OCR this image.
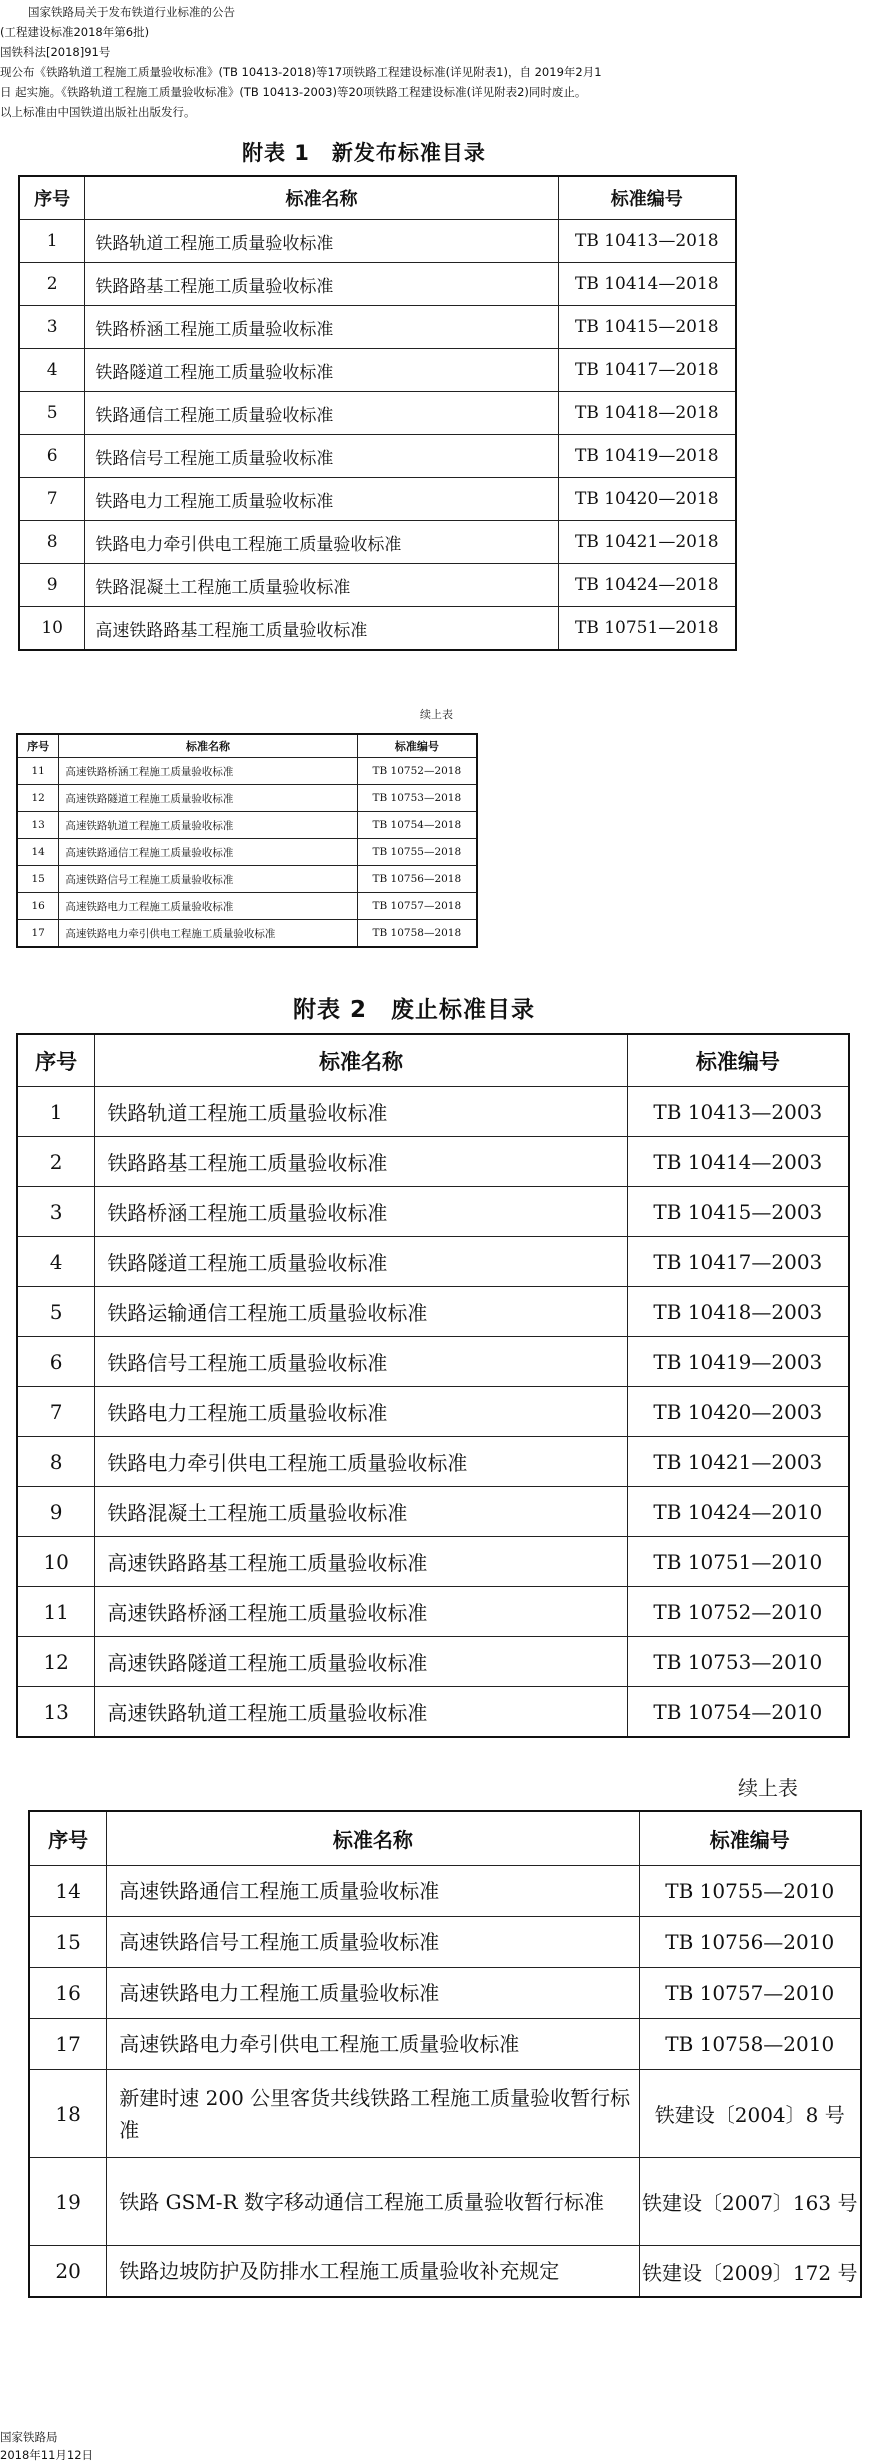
国家铁路局关于发布铁道行业标准的公告
(工程建设标准2018年第6批)
国铁科法[2018]91号
现公布《铁路轨道工程施工质量验收标准》(TB 10413-2018)等17项铁路工程建设标准(详见附表1)，自 2019年2月1
日 起实施。《铁路轨道工程施工质量验收标准》(TB 10413-2003)等20项铁路工程建设标准(详见附表2)同时废止。
以上标准由中国铁道出版社出版发行。
附表 1　新发布标准目录
序号	标准名称	标准编号
1	铁路轨道工程施工质量验收标准	TB 10413—2018
2	铁路路基工程施工质量验收标准	TB 10414—2018
3	铁路桥涵工程施工质量验收标准	TB 10415—2018
4	铁路隧道工程施工质量验收标准	TB 10417—2018
5	铁路通信工程施工质量验收标准	TB 10418—2018
6	铁路信号工程施工质量验收标准	TB 10419—2018
7	铁路电力工程施工质量验收标准	TB 10420—2018
8	铁路电力牵引供电工程施工质量验收标准	TB 10421—2018
9	铁路混凝土工程施工质量验收标准	TB 10424—2018
10	高速铁路路基工程施工质量验收标准	TB 10751—2018
续上表
序号	标准名称	标准编号
11	高速铁路桥涵工程施工质量验收标准	TB 10752—2018
12	高速铁路隧道工程施工质量验收标准	TB 10753—2018
13	高速铁路轨道工程施工质量验收标准	TB 10754—2018
14	高速铁路通信工程施工质量验收标准	TB 10755—2018
15	高速铁路信号工程施工质量验收标准	TB 10756—2018
16	高速铁路电力工程施工质量验收标准	TB 10757—2018
17	高速铁路电力牵引供电工程施工质量验收标准	TB 10758—2018
附表 2　废止标准目录
序号	标准名称	标准编号
1	铁路轨道工程施工质量验收标准	TB 10413—2003
2	铁路路基工程施工质量验收标准	TB 10414—2003
3	铁路桥涵工程施工质量验收标准	TB 10415—2003
4	铁路隧道工程施工质量验收标准	TB 10417—2003
5	铁路运输通信工程施工质量验收标准	TB 10418—2003
6	铁路信号工程施工质量验收标准	TB 10419—2003
7	铁路电力工程施工质量验收标准	TB 10420—2003
8	铁路电力牵引供电工程施工质量验收标准	TB 10421—2003
9	铁路混凝土工程施工质量验收标准	TB 10424—2010
10	高速铁路路基工程施工质量验收标准	TB 10751—2010
11	高速铁路桥涵工程施工质量验收标准	TB 10752—2010
12	高速铁路隧道工程施工质量验收标准	TB 10753—2010
13	高速铁路轨道工程施工质量验收标准	TB 10754—2010
续上表
序号	标准名称	标准编号
14	高速铁路通信工程施工质量验收标准	TB 10755—2010
15	高速铁路信号工程施工质量验收标准	TB 10756—2010
16	高速铁路电力工程施工质量验收标准	TB 10757—2010
17	高速铁路电力牵引供电工程施工质量验收标准	TB 10758—2010
18	新建时速 200 公里客货共线铁路工程施工质量验收暂行标准	铁建设〔2004〕8 号
19	铁路 GSM-R 数字移动通信工程施工质量验收暂行标准	铁建设〔2007〕163 号
20	铁路边坡防护及防排水工程施工质量验收补充规定	铁建设〔2009〕172 号
国家铁路局
2018年11月12日
